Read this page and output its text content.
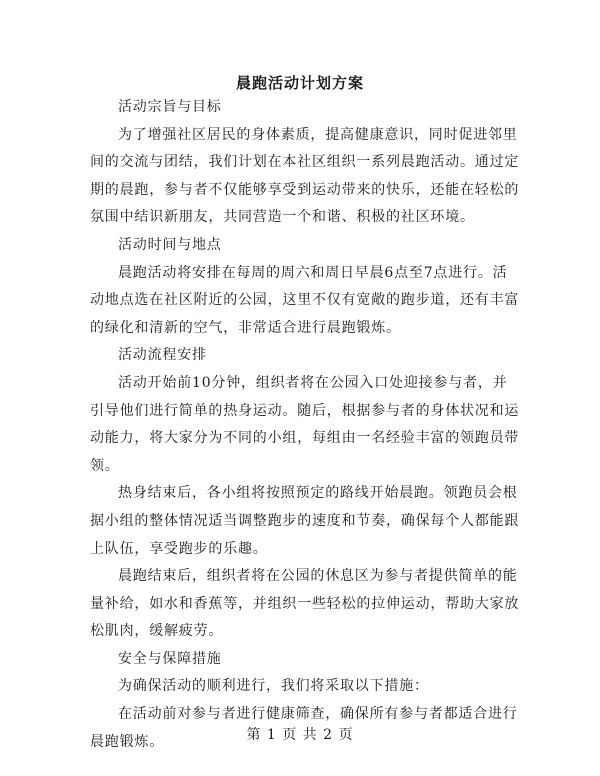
晨跑活动计划方案

活动宗旨与目标

为了增强社区居民的身体素质，提高健康意识，同时促进邻里间的交流与团结，我们计划在本社区组织一系列晨跑活动。通过定期的晨跑，参与者不仅能够享受到运动带来的快乐，还能在轻松的氛围中结识新朋友，共同营造一个和谐、积极的社区环境。

活动时间与地点

晨跑活动将安排在每周的周六和周日早晨6点至7点进行。活动地点选在社区附近的公园，这里不仅有宽敞的跑步道，还有丰富的绿化和清新的空气，非常适合进行晨跑锻炼。

活动流程安排

活动开始前10分钟，组织者将在公园入口处迎接参与者，并引导他们进行简单的热身运动。随后，根据参与者的身体状况和运动能力，将大家分为不同的小组，每组由一名经验丰富的领跑员带领。

热身结束后，各小组将按照预定的路线开始晨跑。领跑员会根据小组的整体情况适当调整跑步的速度和节奏，确保每个人都能跟上队伍，享受跑步的乐趣。

晨跑结束后，组织者将在公园的休息区为参与者提供简单的能量补给，如水和香蕉等，并组织一些轻松的拉伸运动，帮助大家放松肌肉，缓解疲劳。

安全与保障措施

为确保活动的顺利进行，我们将采取以下措施：

在活动前对参与者进行健康筛查，确保所有参与者都适合进行晨跑锻炼。	第 1 页 共 2 页
